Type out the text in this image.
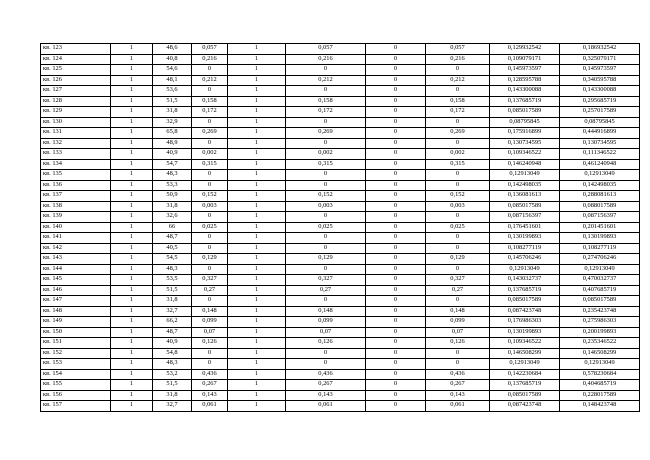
кв. 123	1	48,6	0,057	1	0,057	0	0,057	0,129932542	0,186932542
кв. 124	1	40,8	0,216	1	0,216	0	0,216	0,109079171	0,325079171
кв. 125	1	54,6	0	1	0	0	0	0,145973597	0,145973597
кв. 126	1	48,1	0,212	1	0,212	0	0,212	0,128595788	0,340595788
кв. 127	1	53,6	0	1	0	0	0	0,143300088	0,143300088
кв. 128	1	51,5	0,158	1	0,158	0	0,158	0,137685719	0,295685719
кв. 129	1	31,8	0,172	1	0,172	0	0,172	0,085017589	0,257017589
кв. 130	1	32,9	0	1	0	0	0	0,08795845	0,08795845
кв. 131	1	65,8	0,269	1	0,269	0	0,269	0,175916899	0,444916899
кв. 132	1	48,9	0	1	0	0	0	0,130734595	0,130734595
кв. 133	1	40,9	0,002	1	0,002	0	0,002	0,109346522	0,111346522
кв. 134	1	54,7	0,315	1	0,315	0	0,315	0,146240948	0,461240948
кв. 135	1	48,3	0	1	0	0	0	0,12913049	0,12913049
кв. 136	1	53,3	0	1	0	0	0	0,142498035	0,142498035
кв. 137	1	50,9	0,152	1	0,152	0	0,152	0,136081613	0,288081613
кв. 138	1	31,8	0,003	1	0,003	0	0,003	0,085017589	0,088017589
кв. 139	1	32,6	0	1	0	0	0	0,087156397	0,087156397
кв. 140	1	66	0,025	1	0,025	0	0,025	0,176451601	0,201451601
кв. 141	1	48,7	0	1	0	0	0	0,130199893	0,130199893
кв. 142	1	40,5	0	1	0	0	0	0,108277119	0,108277119
кв. 143	1	54,5	0,129	1	0,129	0	0,129	0,145706246	0,274706246
кв. 144	1	48,3	0	1	0	0	0	0,12913049	0,12913049
кв. 145	1	53,5	0,327	1	0,327	0	0,327	0,143032737	0,470032737
кв. 146	1	51,5	0,27	1	0,27	0	0,27	0,137685719	0,407685719
кв. 147	1	31,8	0	1	0	0	0	0,085017589	0,085017589
кв. 148	1	32,7	0,148	1	0,148	0	0,148	0,087423748	0,235423748
кв. 149	1	66,2	0,099	1	0,099	0	0,099	0,176986303	0,275986303
кв. 150	1	48,7	0,07	1	0,07	0	0,07	0,130199893	0,200199893
кв. 151	1	40,9	0,126	1	0,126	0	0,126	0,109346522	0,235346522
кв. 152	1	54,8	0	1	0	0	0	0,146508299	0,146508299
кв. 153	1	48,3	0	1	0	0	0	0,12913049	0,12913049
кв. 154	1	53,2	0,436	1	0,436	0	0,436	0,142230684	0,578230684
кв. 155	1	51,5	0,267	1	0,267	0	0,267	0,137685719	0,404685719
кв. 156	1	31,8	0,143	1	0,143	0	0,143	0,085017589	0,228017589
кв. 157	1	32,7	0,061	1	0,061	0	0,061	0,087423748	0,148423748
